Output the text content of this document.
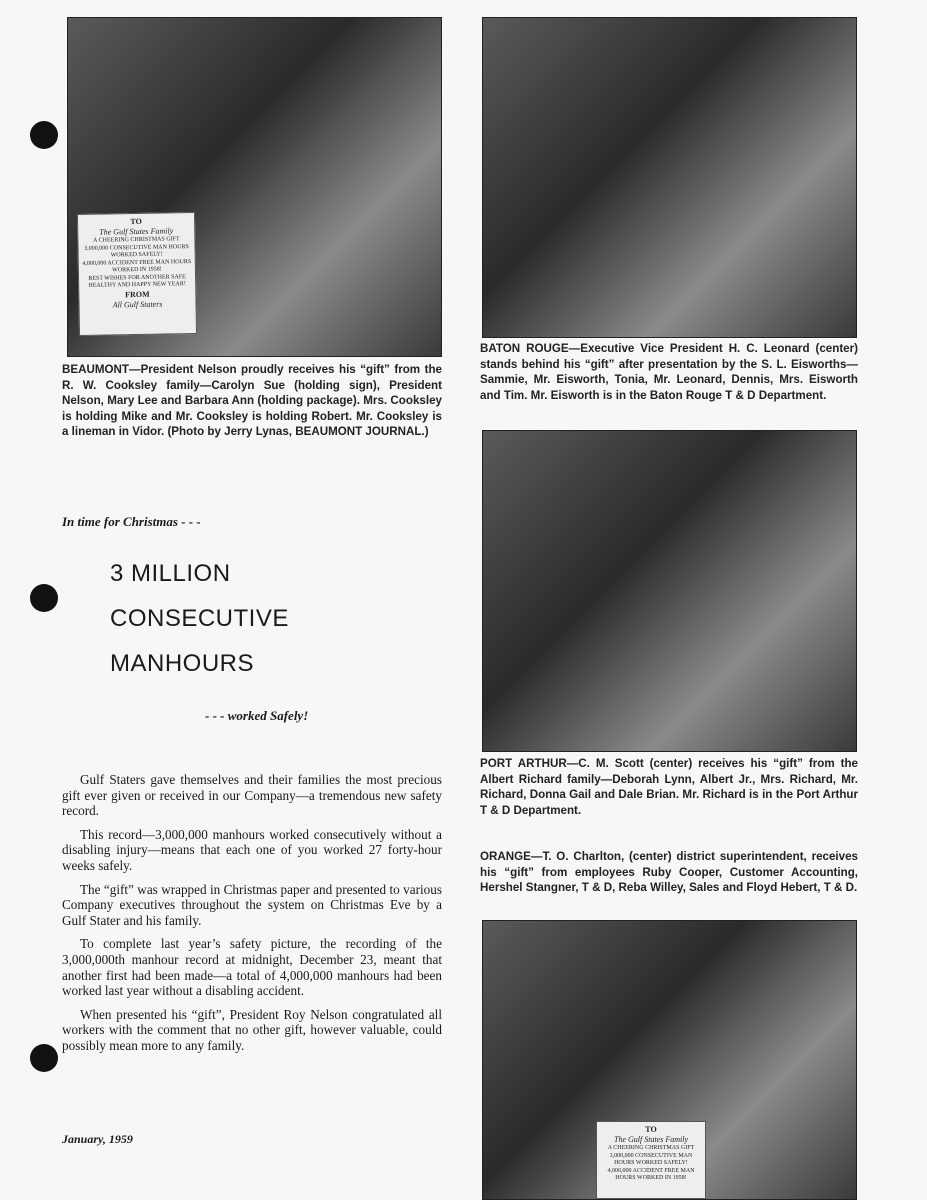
TO
The Gulf States Family
A CHEERING CHRISTMAS GIFT
3,000,000 CONSECUTIVE MAN HOURS WORKED SAFELY!
4,000,000 ACCIDENT FREE MAN HOURS WORKED IN 1958!
BEST WISHES FOR ANOTHER SAFE HEALTHY AND HAPPY NEW YEAR!
FROM
All Gulf Staters
BEAUMONT—President Nelson proudly receives his “gift” from the R. W. Cooksley family—Carolyn Sue (holding sign), President Nelson, Mary Lee and Barbara Ann (holding package). Mrs. Cooksley is holding Mike and Mr. Cooksley is holding Robert. Mr. Cooksley is a lineman in Vidor. (Photo by Jerry Lynas, BEAUMONT JOURNAL.)
BATON ROUGE—Executive Vice President H. C. Leonard (center) stands behind his “gift” after presentation by the S. L. Eisworths—Sammie, Mr. Eisworth, Tonia, Mr. Leonard, Dennis, Mrs. Eisworth and Tim. Mr. Eisworth is in the Baton Rouge T & D Department.
PORT ARTHUR—C. M. Scott (center) receives his “gift” from the Albert Richard family—Deborah Lynn, Albert Jr., Mrs. Richard, Mr. Richard, Donna Gail and Dale Brian. Mr. Richard is in the Port Arthur T & D Department.
ORANGE—T. O. Charlton, (center) district superintendent, receives his “gift” from employees Ruby Cooper, Customer Accounting, Hershel Stangner, T & D, Reba Willey, Sales and Floyd Hebert, T & D.
TO
The Gulf States Family
A CHEERING CHRISTMAS GIFT
3,000,000 CONSECUTIVE MAN HOURS WORKED SAFELY!
4,000,000 ACCIDENT FREE MAN HOURS WORKED IN 1958!
In time for Christmas - - -
3 MILLION
CONSECUTIVE
MANHOURS
- - - worked Safely!

Gulf Staters gave themselves and their families the most precious gift ever given or received in our Company—a tremendous new safety record.

This record—3,000,000 manhours worked consecutively without a disabling injury—means that each one of you worked 27 forty-hour weeks safely.

The “gift” was wrapped in Christmas paper and presented to various Company executives throughout the system on Christmas Eve by a Gulf Stater and his family.

To complete last year’s safety picture, the recording of the 3,000,000th manhour record at midnight, December 23, meant that another first had been made—a total of 4,000,000 manhours had been worked last year without a disabling accident.

When presented his “gift”, President Roy Nelson congratulated all workers with the comment that no other gift, however valuable, could possibly mean more to any family.

January, 1959
